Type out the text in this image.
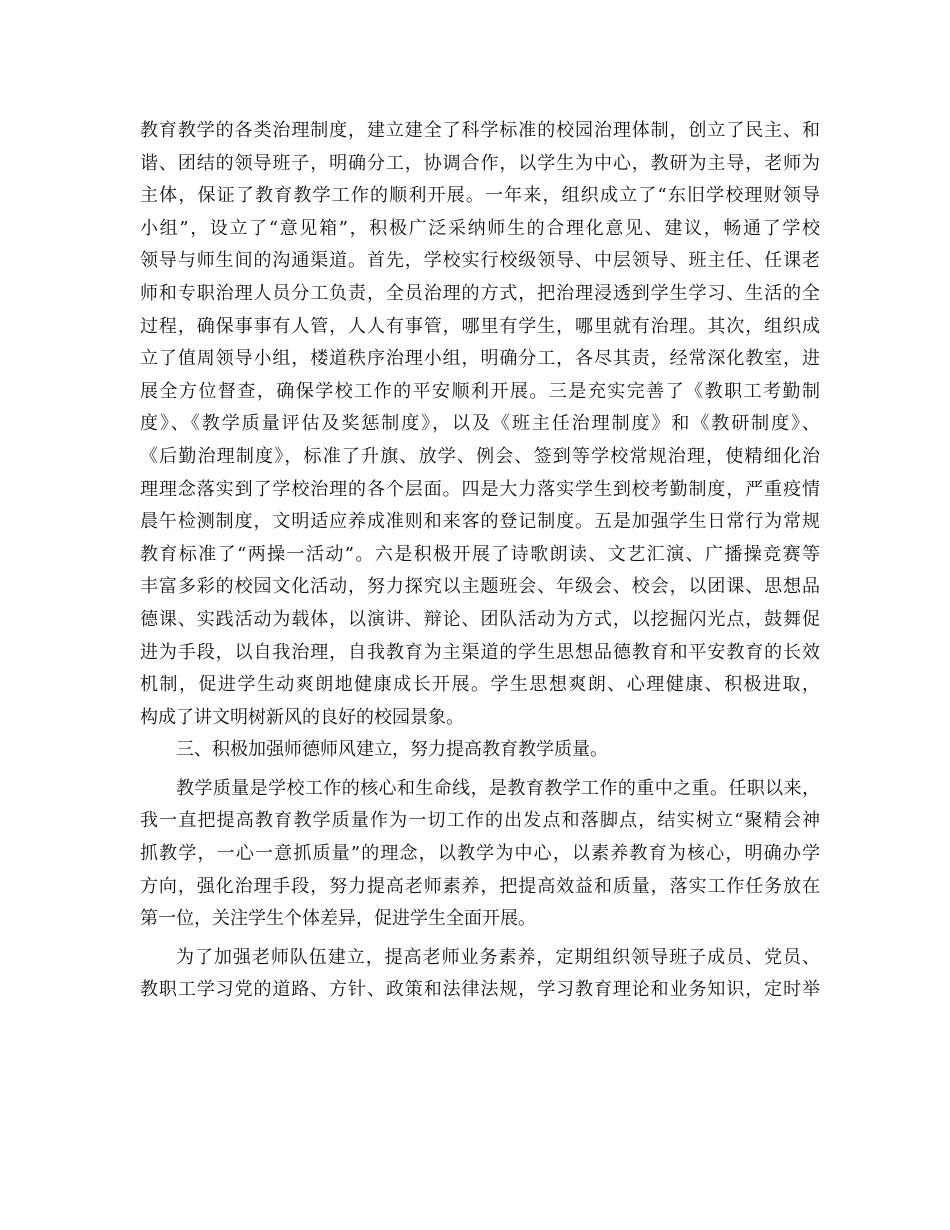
教育教学的各类治理制度，建立建全了科学标准的校园治理体制，创立了民主、和
谐、团结的领导班子，明确分工，协调合作，以学生为中心，教研为主导，老师为
主体，保证了教育教学工作的顺利开展。一年来，组织成立了“东旧学校理财领导
小组”，设立了“意见箱”，积极广泛采纳师生的合理化意见、建议，畅通了学校
领导与师生间的沟通渠道。首先，学校实行校级领导、中层领导、班主任、任课老
师和专职治理人员分工负责，全员治理的方式，把治理浸透到学生学习、生活的全
过程，确保事事有人管，人人有事管，哪里有学生，哪里就有治理。其次，组织成
立了值周领导小组，楼道秩序治理小组，明确分工，各尽其责，经常深化教室，进
展全方位督查，确保学校工作的平安顺利开展。三是充实完善了《教职工考勤制
度》、《教学质量评估及奖惩制度》，以及《班主任治理制度》和《教研制度》、
《后勤治理制度》，标准了升旗、放学、例会、签到等学校常规治理，使精细化治
理理念落实到了学校治理的各个层面。四是大力落实学生到校考勤制度，严重疫情
晨午检测制度，文明适应养成准则和来客的登记制度。五是加强学生日常行为常规
教育标准了“两操一活动”。六是积极开展了诗歌朗读、文艺汇演、广播操竞赛等
丰富多彩的校园文化活动，努力探究以主题班会、年级会、校会，以团课、思想品
德课、实践活动为载体，以演讲、辩论、团队活动为方式，以挖掘闪光点，鼓舞促
进为手段，以自我治理，自我教育为主渠道的学生思想品德教育和平安教育的长效
机制，促进学生动爽朗地健康成长开展。学生思想爽朗、心理健康、积极进取，
构成了讲文明树新风的良好的校园景象。
三、积极加强师德师风建立，努力提高教育教学质量。
教学质量是学校工作的核心和生命线，是教育教学工作的重中之重。任职以来，
我一直把提高教育教学质量作为一切工作的出发点和落脚点，结实树立“聚精会神
抓教学，一心一意抓质量”的理念，以教学为中心，以素养教育为核心，明确办学
方向，强化治理手段，努力提高老师素养，把提高效益和质量，落实工作任务放在
第一位，关注学生个体差异，促进学生全面开展。
为了加强老师队伍建立，提高老师业务素养，定期组织领导班子成员、党员、
教职工学习党的道路、方针、政策和法律法规，学习教育理论和业务知识，定时举
